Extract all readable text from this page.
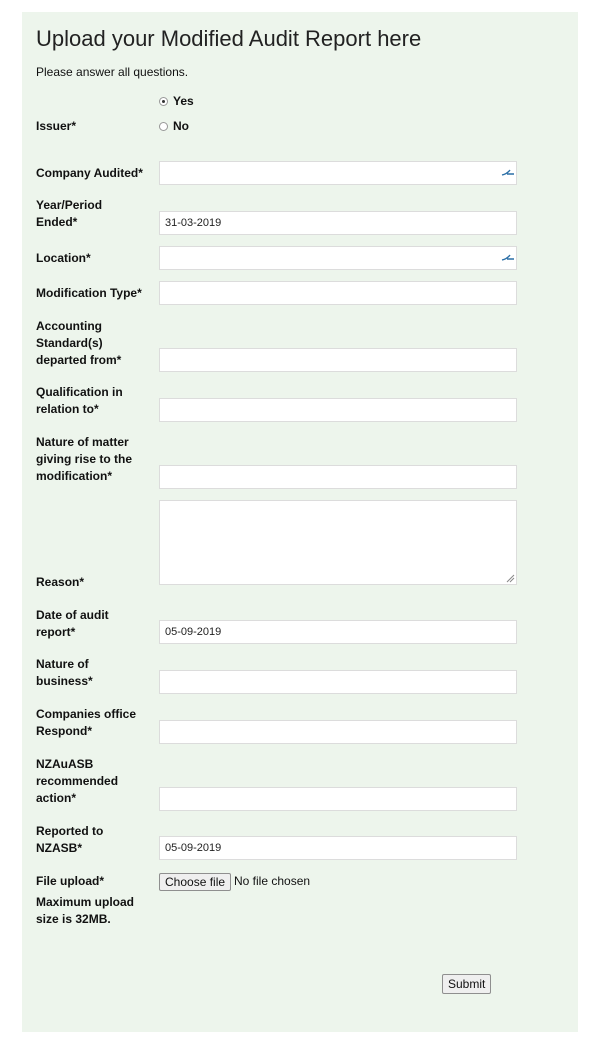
Upload your Modified Audit Report here
Please answer all questions.
Yes
Issuer*	No
Company Audited*
Year/Period Ended*
31-03-2019
Location*
Modification Type*
Accounting Standard(s) departed from*
Qualification in relation to*
Nature of matter giving rise to the modification*
Reason*
Date of audit report*
05-09-2019
Nature of business*
Companies office Respond*
NZAuASB recommended action*
Reported to NZASB*
05-09-2019
File upload*
Maximum upload size is 32MB.
Choose file No file chosen
Submit
